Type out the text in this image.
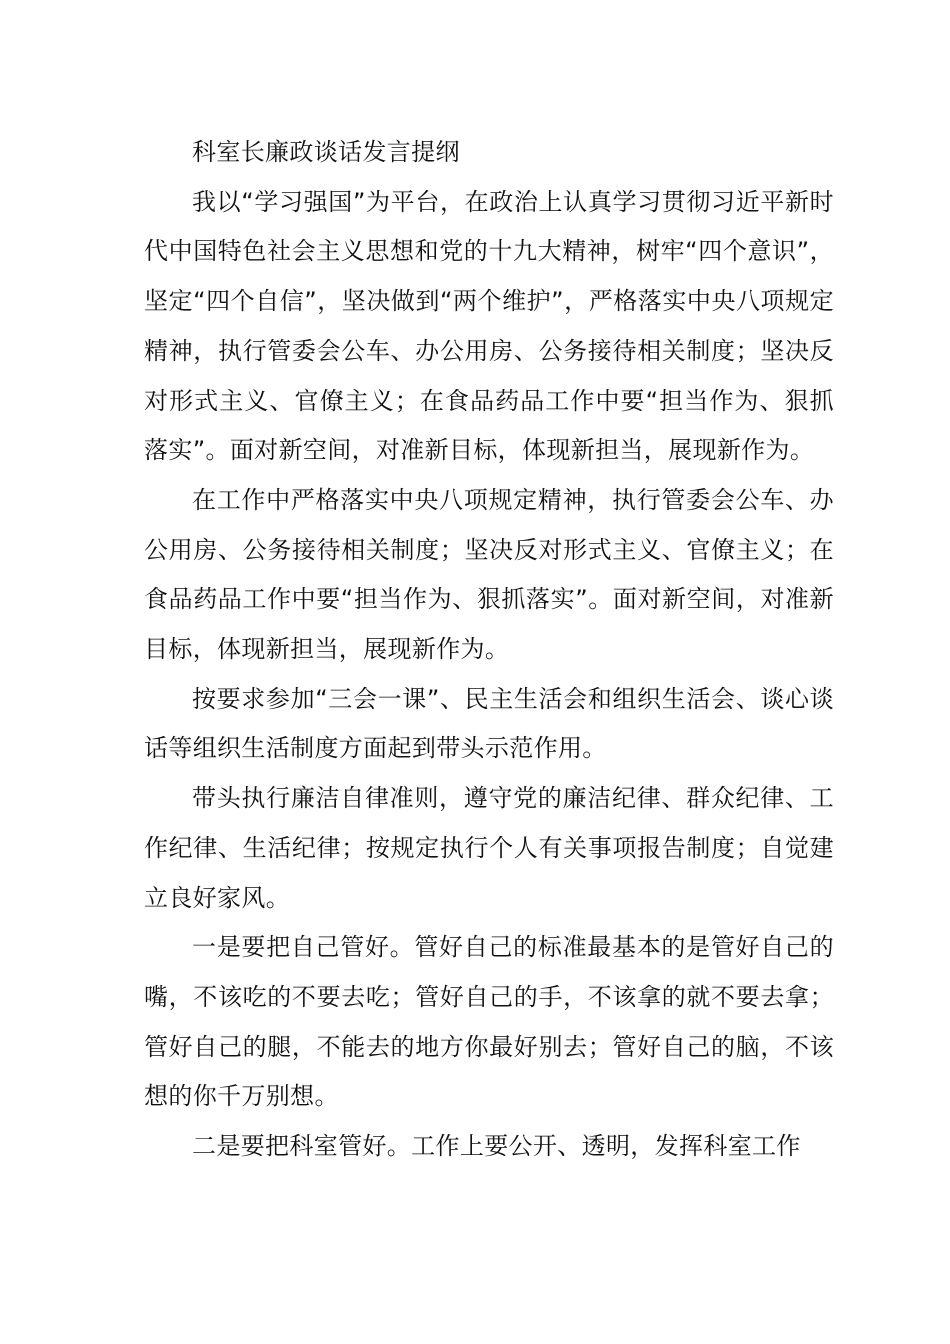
科室长廉政谈话发言提纲

我以“学习强国”为平台，在政治上认真学习贯彻习近平新时代中国特色社会主义思想和党的十九大精神，树牢“四个意识”，坚定“四个自信”，坚决做到“两个维护”，严格落实中央八项规定精神，执行管委会公车、办公用房、公务接待相关制度；坚决反对形式主义、官僚主义；在食品药品工作中要“担当作为、狠抓落实”。面对新空间，对准新目标，体现新担当，展现新作为。

在工作中严格落实中央八项规定精神，执行管委会公车、办公用房、公务接待相关制度；坚决反对形式主义、官僚主义；在食品药品工作中要“担当作为、狠抓落实”。面对新空间，对准新目标，体现新担当，展现新作为。

按要求参加“三会一课”、民主生活会和组织生活会、谈心谈话等组织生活制度方面起到带头示范作用。

带头执行廉洁自律准则，遵守党的廉洁纪律、群众纪律、工作纪律、生活纪律；按规定执行个人有关事项报告制度；自觉建立良好家风。

一是要把自己管好。管好自己的标准最基本的是管好自己的嘴，不该吃的不要去吃；管好自己的手，不该拿的就不要去拿；管好自己的腿，不能去的地方你最好别去；管好自己的脑，不该想的你千万别想。

二是要把科室管好。工作上要公开、透明，发挥科室工作
